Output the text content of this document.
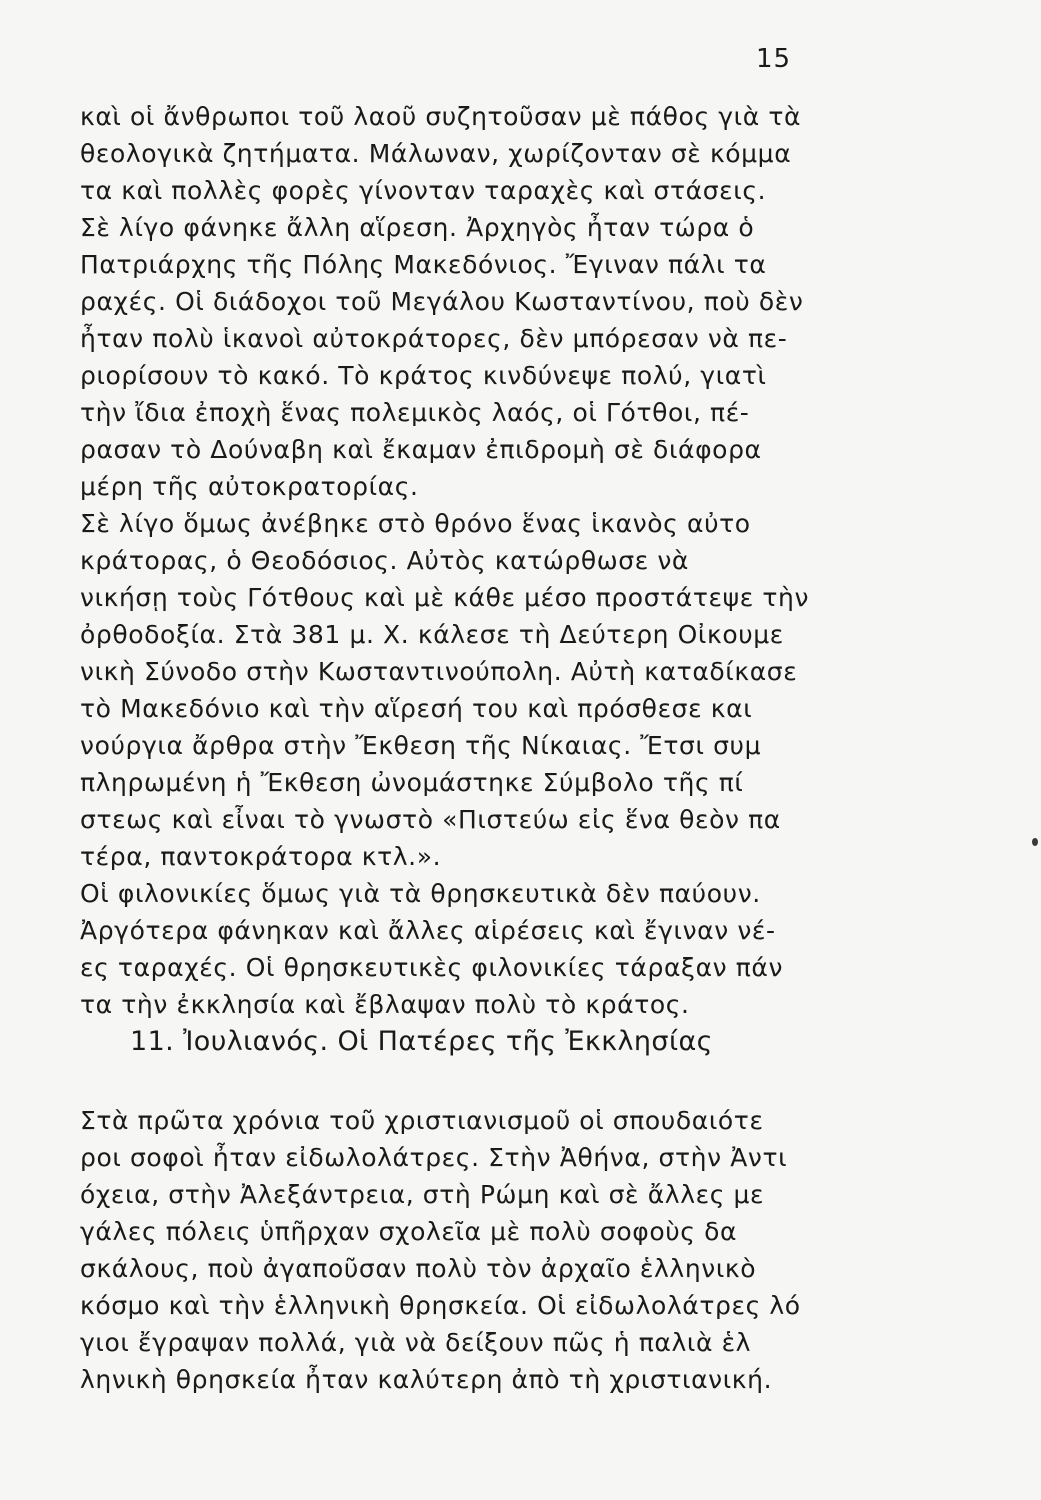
15
καὶ οἱ ἄνθρωποι τοῦ λαοῦ συζητοῦσαν μὲ πάθος γιὰ τὰ
θεολογικὰ ζητήματα. Μάλωναν, χωρίζονταν σὲ κόμμα
τα καὶ πολλὲς φορὲς γίνονταν ταραχὲς καὶ στάσεις.
Σὲ λίγο φάνηκε ἄλλη αἵρεση. Ἀρχηγὸς ἦταν τώρα ὁ
Πατριάρχης τῆς Πόλης Μακεδόνιος. Ἔγιναν πάλι τα
ραχές. Οἱ διάδοχοι τοῦ Μεγάλου Κωσταντίνου, ποὺ δὲν
ἦταν πολὺ ἱκανοὶ αὐτοκράτορες, δὲν μπόρεσαν νὰ πε-
ριορίσουν τὸ κακό. Τὸ κράτος κινδύνεψε πολύ, γιατὶ
τὴν ἴδια ἐποχὴ ἕνας πολεμικὸς λαός, οἱ Γότθοι, πέ-
ρασαν τὸ Δούναβη καὶ ἔκαμαν ἐπιδρομὴ σὲ διάφορα
μέρη τῆς αὐτοκρατορίας.
Σὲ λίγο ὅμως ἀνέβηκε στὸ θρόνο ἕνας ἱκανὸς αὐτο
κράτορας, ὁ Θεοδόσιος. Αὐτὸς κατώρθωσε νὰ
νικήσῃ τοὺς Γότθους καὶ μὲ κάθε μέσο προστάτεψε τὴν
ὀρθοδοξία. Στὰ 381 μ. Χ. κάλεσε τὴ Δεύτερη Οἰκουμε
νικὴ Σύνοδο στὴν Κωσταντινούπολη. Αὐτὴ καταδίκασε
τὸ Μακεδόνιο καὶ τὴν αἵρεσή του καὶ πρόσθεσε και
νούργια ἄρθρα στὴν Ἔκθεση τῆς Νίκαιας. Ἔτσι συμ
πληρωμένη ἡ Ἔκθεση ὠνομάστηκε Σύμβολο τῆς πί
στεως καὶ εἶναι τὸ γνωστὸ «Πιστεύω εἰς ἕνα θεὸν πα
τέρα, παντοκράτορα κτλ.».
Οἱ φιλονικίες ὅμως γιὰ τὰ θρησκευτικὰ δὲν παύουν.
Ἀργότερα φάνηκαν καὶ ἄλλες αἱρέσεις καὶ ἔγιναν νέ-
ες ταραχές. Οἱ θρησκευτικὲς φιλονικίες τάραξαν πάν
τα τὴν ἐκκλησία καὶ ἔβλαψαν πολὺ τὸ κράτος.
11. Ἰουλιανός. Οἱ Πατέρες τῆς Ἐκκλησίας
Στὰ πρῶτα χρόνια τοῦ χριστιανισμοῦ οἱ σπουδαιότε
ροι σοφοὶ ἦταν εἰδωλολάτρες. Στὴν Ἀθήνα, στὴν Ἀντι
όχεια, στὴν Ἀλεξάντρεια, στὴ Ρώμη καὶ σὲ ἄλλες με
γάλες πόλεις ὑπῆρχαν σχολεῖα μὲ πολὺ σοφοὺς δα
σκάλους, ποὺ ἀγαποῦσαν πολὺ τὸν ἀρχαῖο ἑλληνικὸ
κόσμο καὶ τὴν ἑλληνικὴ θρησκεία. Οἱ εἰδωλολάτρες λό
γιοι ἔγραψαν πολλά, γιὰ νὰ δείξουν πῶς ἡ παλιὰ ἑλ
ληνικὴ θρησκεία ἦταν καλύτερη ἀπὸ τὴ χριστιανική.
